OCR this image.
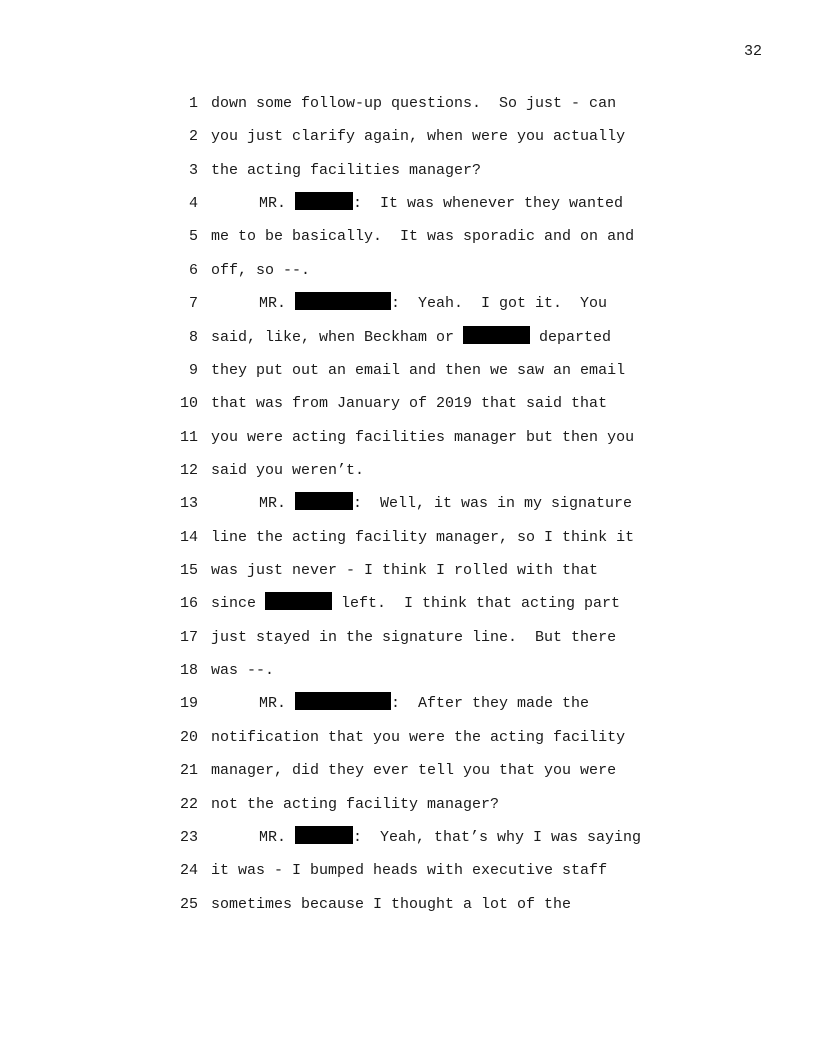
32
1 down some follow-up questions.  So just - can
2 you just clarify again, when were you actually
3 the acting facilities manager?
4	MR.	:  It was whenever they wanted
5 me to be basically.  It was sporadic and on and
6 off, so --.
7	MR.	:  Yeah.  I got it.  You
8 said, like, when Beckham or	departed
9 they put out an email and then we saw an email
10 that was from January of 2019 that said that
11 you were acting facilities manager but then you
12 said you weren’t.
13	MR.	:  Well, it was in my signature
14 line the acting facility manager, so I think it
15 was just never - I think I rolled with that
16 since	left.  I think that acting part
17 just stayed in the signature line.  But there
18 was --.
19	MR.	:  After they made the
20 notification that you were the acting facility
21 manager, did they ever tell you that you were
22 not the acting facility manager?
23	MR.	:  Yeah, that’s why I was saying
24 it was - I bumped heads with executive staff
25 sometimes because I thought a lot of the
